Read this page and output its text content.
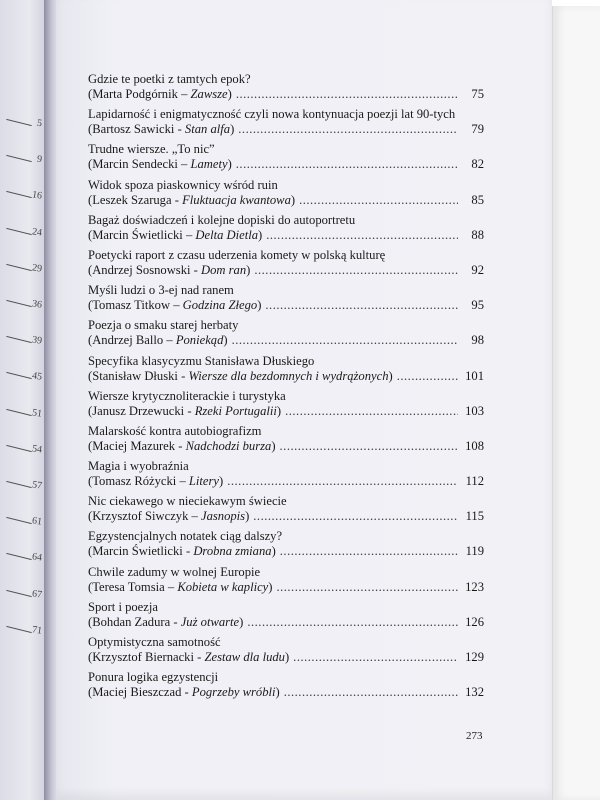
5
9
16
24
29
36
39
45
51
54
57
61
64
67
71
Gdzie te poetki z tamtych epok?
(Marta Podgórnik – Zawsze) .....	75
Lapidarność i enigmatyczność czyli nowa kontynuacja poezji lat 90-tych
(Bartosz Sawicki - Stan alfa) .....	79
Trudne wiersze. „To nic”
(Marcin Sendecki – Lamety) .....	82
Widok spoza piaskownicy wśród ruin
(Leszek Szaruga - Fluktuacja kwantowa) .....	85
Bagaż doświadczeń i kolejne dopiski do autoportretu
(Marcin Świetlicki – Delta Dietla) .....	88
Poetycki raport z czasu uderzenia komety w polską kulturę
(Andrzej Sosnowski - Dom ran) .....	92
Myśli ludzi o 3-ej nad ranem
(Tomasz Titkow – Godzina Złego) .....	95
Poezja o smaku starej herbaty
(Andrzej Ballo – Poniekąd) .....	98
Specyfika klasycyzmu Stanisława Dłuskiego
(Stanisław Dłuski - Wiersze dla bezdomnych i wydrążonych) .....	101
Wiersze krytycznoliterackie i turystyka
(Janusz Drzewucki - Rzeki Portugalii) .....	103
Malarskość kontra autobiografizm
(Maciej Mazurek - Nadchodzi burza) .....	108
Magia i wyobraźnia
(Tomasz Różycki – Litery) .....	112
Nic ciekawego w nieciekawym świecie
(Krzysztof Siwczyk – Jasnopis) .....	115
Egzystencjalnych notatek ciąg dalszy?
(Marcin Świetlicki - Drobna zmiana) .....	119
Chwile zadumy w wolnej Europie
(Teresa Tomsia – Kobieta w kaplicy) .....	123
Sport i poezja
(Bohdan Zadura - Już otwarte) .....	126
Optymistyczna samotność
(Krzysztof Biernacki - Zestaw dla ludu) .....	129
Ponura logika egzystencji
(Maciej Bieszczad - Pogrzeby wróbli) .....	132
273
